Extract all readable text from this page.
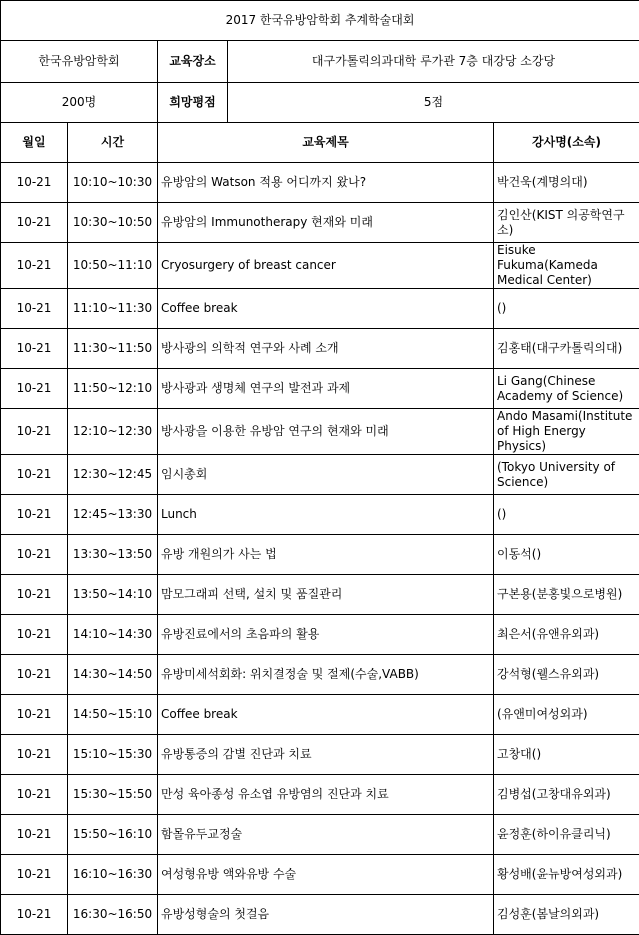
2017 한국유방암학회 추계학술대회			
한국유방암학회		교육장소 대구가톨릭의과대학 루가관 7층 대강당 소강당	

200명		희망평점 5점	

월일	시간	교육제목	강사명(소속)
10-21	10:10~10:30	유방암의 Watson 적용 어디까지 왔나?	박건욱(계명의대)
10-21	10:30~10:50	유방암의 Immunotherapy 현재와 미래	김인산(KIST 의공학연구소)
10-21	10:50~11:10	Cryosurgery of breast cancer	Eisuke Fukuma(Kameda Medical Center)
10-21	11:10~11:30	Coffee break	()
10-21	11:30~11:50	방사광의 의학적 연구와 사례 소개	김홍태(대구카톨릭의대)
10-21	11:50~12:10	방사광과 생명체 연구의 발전과 과제	Li Gang(Chinese Academy of Science)
10-21	12:10~12:30	방사광을 이용한 유방암 연구의 현재와 미래	Ando Masami(Institute of High Energy Physics)
10-21	12:30~12:45	임시총회	(Tokyo University of Science)
10-21	12:45~13:30	Lunch	()
10-21	13:30~13:50	유방 개원의가 사는 법	이동석()
10-21	13:50~14:10	맘모그래피 선택, 설치 및 품질관리	구본용(분홍빛으로병원)
10-21	14:10~14:30	유방진료에서의 초음파의 활용	최은서(유앤유외과)
10-21	14:30~14:50	유방미세석회화: 위치결정술 및 절제(수술,VABB)	강석형(웰스유외과)
10-21	14:50~15:10	Coffee break	(유앤미여성외과)
10-21	15:10~15:30	유방통증의 감별 진단과 치료	고창대()
10-21	15:30~15:50	만성 육아종성 유소엽 유방염의 진단과 치료	김병섭(고창대유외과)
10-21	15:50~16:10	함몰유두교정술	윤정훈(하이유클리닉)
10-21	16:10~16:30	여성형유방 액와유방 수술	황성배(윤뉴방여성외과)
10-21	16:30~16:50	유방성형술의 첫걸음	김성훈(봄날의외과)
